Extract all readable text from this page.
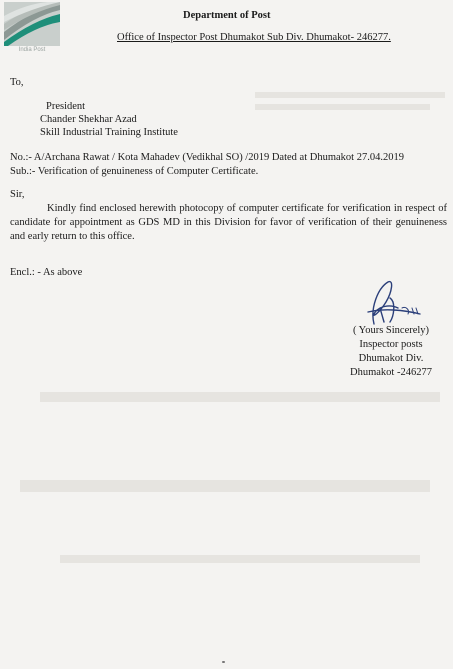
India Post
Department of Post
Office of Inspector Post Dhumakot Sub Div. Dhumakot- 246277.
To,
President
Chander Shekhar Azad
Skill Industrial Training Institute
No.:- A/Archana Rawat / Kota Mahadev (Vedikhal SO) /2019 Dated at Dhumakot 27.04.2019
Sub.:- Verification of genuineness of Computer Certificate.
Sir,
Kindly find enclosed herewith photocopy of computer certificate for verification in respect of candidate for appointment as GDS MD in this Division for favor of verification of their genuineness and early return to this office.
Encl.: - As above
( Yours Sincerely)
Inspector posts
Dhumakot Div.
Dhumakot -246277
